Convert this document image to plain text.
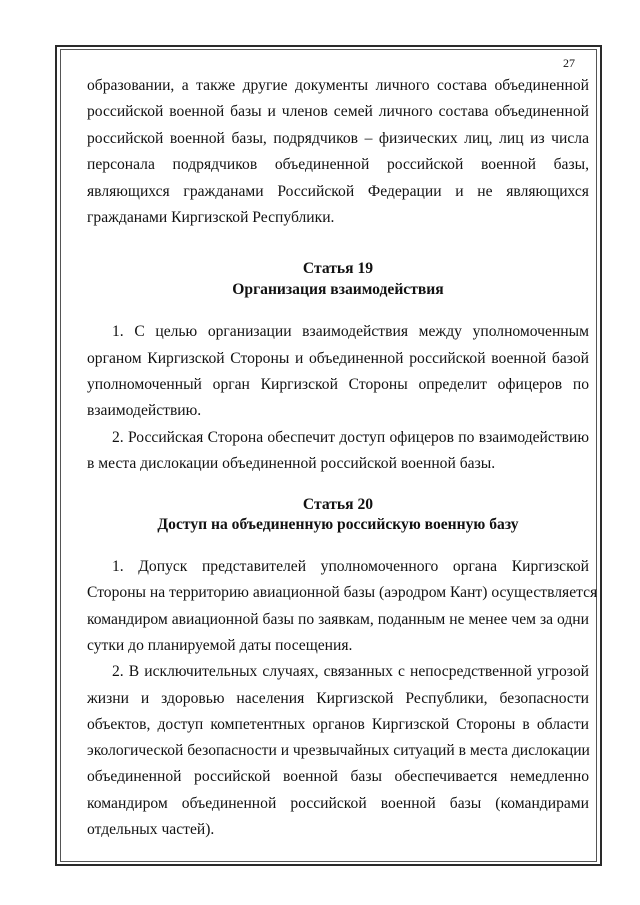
27
образовании, а также другие документы личного состава объединенной
российской военной базы и членов семей личного состава объединенной
российской военной базы, подрядчиков – физических лиц, лиц из числа
персонала подрядчиков объединенной российской военной базы,
являющихся гражданами Российской Федерации и не являющихся
гражданами Киргизской Республики.
Статья 19
Организация взаимодействия
1. С целью организации взаимодействия между уполномоченным
органом Киргизской Стороны и объединенной российской военной базой
уполномоченный орган Киргизской Стороны определит офицеров по
взаимодействию.
2. Российская Сторона обеспечит доступ офицеров по взаимодействию
в места дислокации объединенной российской военной базы.
Статья 20
Доступ на объединенную российскую военную базу
1. Допуск представителей уполномоченного органа Киргизской
Стороны на территорию авиационной базы (аэродром Кант) осуществляется
командиром авиационной базы по заявкам, поданным не менее чем за одни
сутки до планируемой даты посещения.
2. В исключительных случаях, связанных с непосредственной угрозой
жизни и здоровью населения Киргизской Республики, безопасности
объектов, доступ компетентных органов Киргизской Стороны в области
экологической безопасности и чрезвычайных ситуаций в места дислокации
объединенной российской военной базы обеспечивается немедленно
командиром объединенной российской военной базы (командирами
отдельных частей).
